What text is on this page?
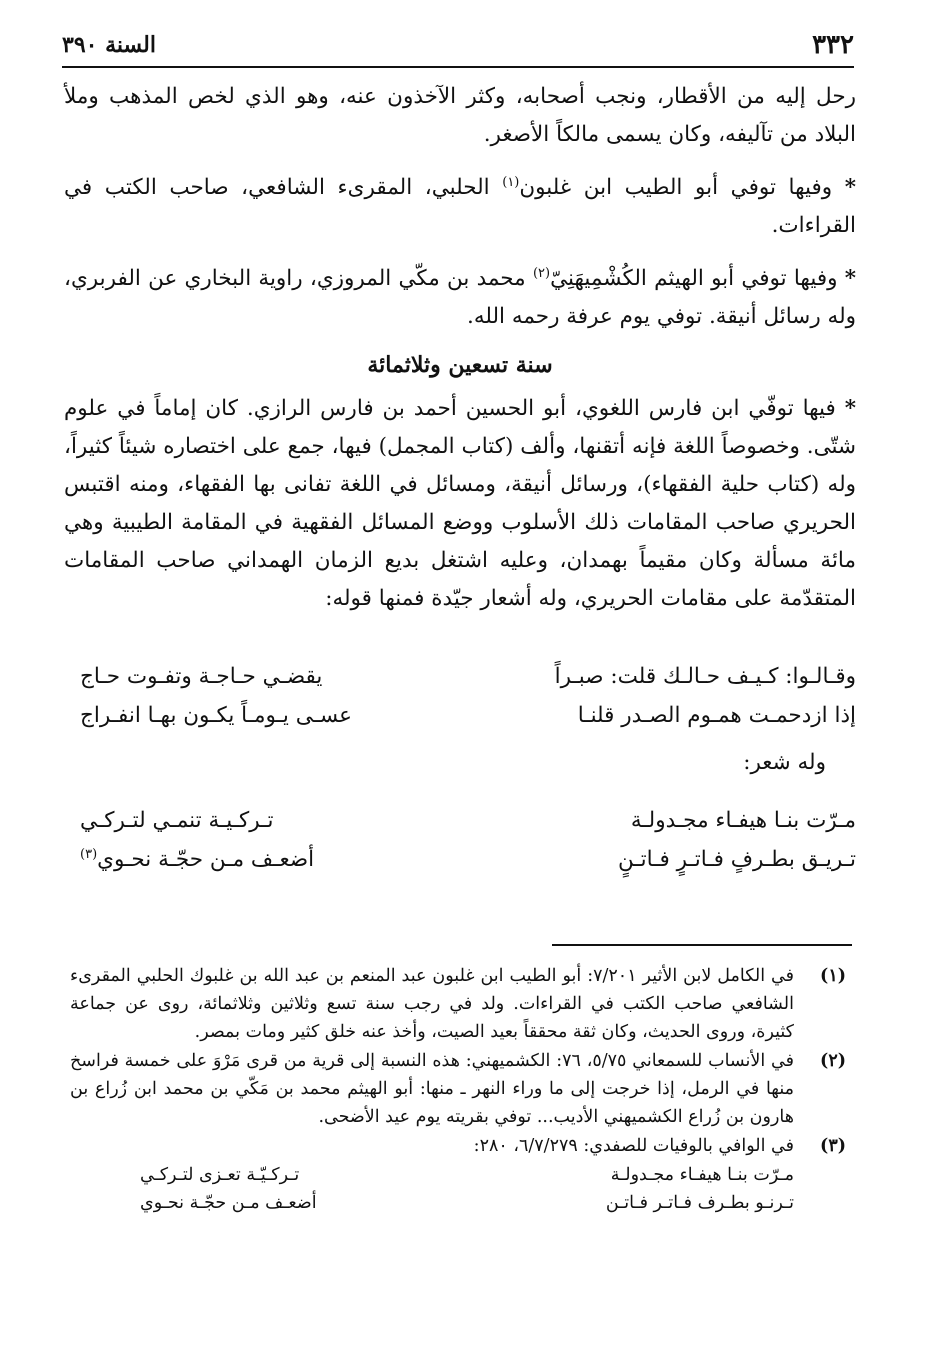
٣٣٢
السنة ٣٩٠

رحل إليه من الأقطار، ونجب أصحابه، وكثر الآخذون عنه، وهو الذي لخص المذهب وملأ البلاد من تآليفه، وكان يسمى مالكاً الأصغر.

* وفيها توفي أبو الطيب ابن غلبون$^{(١)}$ الحلبي، المقرىء الشافعي، صاحب الكتب في القراءات.

* وفيها توفي أبو الهيثم الكُشْمِيهَنِيّ$^{(٢)}$ محمد بن مكّي المروزي، راوية البخاري عن الفربري، وله رسائل أنيقة. توفي يوم عرفة رحمه الله.

سنة تسعين وثلاثمائة

* فيها توفّي ابن فارس اللغوي، أبو الحسين أحمد بن فارس الرازي. كان إماماً في علوم شتّى. وخصوصاً اللغة فإنه أتقنها، وألف (كتاب المجمل) فيها، جمع على اختصاره شيئاً كثيراً، وله (كتاب حلية الفقهاء)، ورسائل أنيقة، ومسائل في اللغة تفانى بها الفقهاء، ومنه اقتبس الحريري صاحب المقامات ذلك الأسلوب ووضع المسائل الفقهية في المقامة الطيبية وهي مائة مسألة وكان مقيماً بهمدان، وعليه اشتغل بديع الزمان الهمداني صاحب المقامات المتقدّمة على مقامات الحريري، وله أشعار جيّدة فمنها قوله:

وقـالـوا: كـيـف حـالـك قلت: صبـراً
يقضـي حـاجـة وتفـوت حـاج
إذا ازدحمـت همـوم الصـدر قلنـا
عسـى يـومـاً يكـون بهـا انفـراج
وله شعر:
مـرّت بنـا هيفـاء مجـدولـة
تـركـيـة تنمـي لتـركـي
تـريـق بطـرفٍ فـاتـرٍ فـاتـنٍ
أضعـف مـن حجّـة نحـوي$^{(٣)}$
(١)
في الكامل لابن الأثير ٧/٢٠١: أبو الطيب ابن غلبون عبد المنعم بن عبد الله بن غلبوك الحلبي المقرىء الشافعي صاحب الكتب في القراءات. ولد في رجب سنة تسع وثلاثين وثلاثمائة، روى عن جماعة كثيرة، وروى الحديث، وكان ثقة محققاً بعيد الصيت، وأخذ عنه خلق كثير ومات بمصر.
(٢)
في الأنساب للسمعاني ٥/٧٥، ٧٦: الكشميهني: هذه النسبة إلى قرية من قرى مَرْوَ على خمسة فراسخ منها في الرمل، إذا خرجت إلى ما وراء النهر ـ منها: أبو الهيثم محمد بن مَكّي بن محمد ابن زُراع بن هارون بن زُراع الكشميهني الأديب... توفي بقريته يوم عيد الأضحى.
(٣)
في الوافي بالوفيات للصفدي: ٦/٧/٢٧٩، ٢٨٠:
مـرّت بنـا هيفـاء مجـدولـة
تـركـيّـة تعـزى لتـركـي
تـرنـو بطـرف فـاتـر فـاتـن
أضعـف مـن حجّـة نحـوي
